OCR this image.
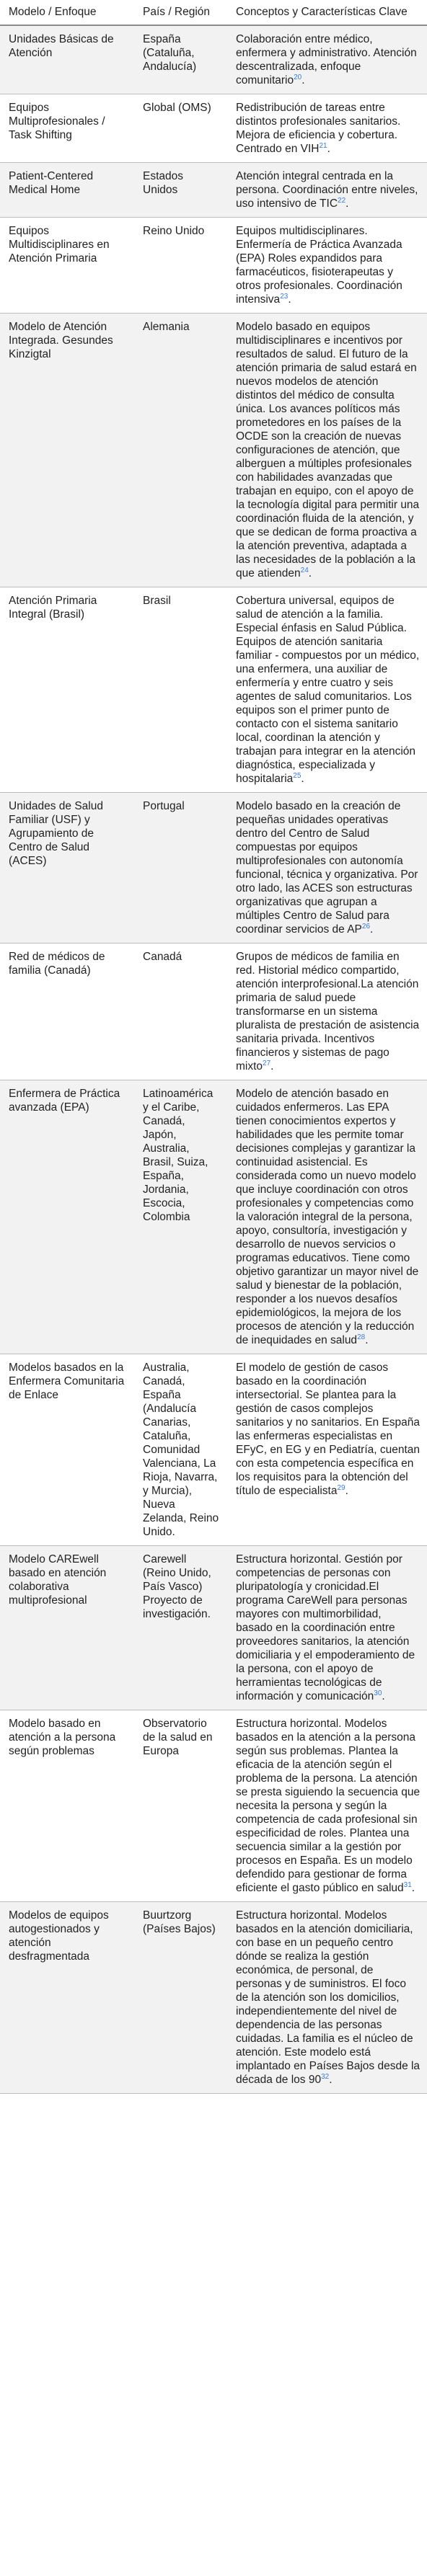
Modelo / Enfoque	País / Región	Conceptos y Características Clave
Unidades Básicas de Atención	España (Cataluña, Andalucía)	Colaboración entre médico, enfermera y administrativo. Atención descentralizada, enfoque comunitario$^{20}$.
Equipos Multiprofesionales / Task Shifting	Global (OMS)	Redistribución de tareas entre distintos profesionales sanitarios. Mejora de eficiencia y cobertura. Centrado en VIH$^{21}$.
Patient-Centered Medical Home	Estados Unidos	Atención integral centrada en la persona. Coordinación entre niveles, uso intensivo de TIC$^{22}$.
Equipos Multidisciplinares en Atención Primaria	Reino Unido	Equipos multidisciplinares. Enfermería de Práctica Avanzada (EPA) Roles expandidos para farmacéuticos, fisioterapeutas y otros profesionales. Coordinación intensiva$^{23}$.
Modelo de Atención Integrada. Gesundes Kinzigtal	Alemania	Modelo basado en equipos multidisciplinares e incentivos por resultados de salud. El futuro de la atención primaria de salud estará en nuevos modelos de atención distintos del médico de consulta única. Los avances políticos más prometedores en los países de la OCDE son la creación de nuevas configuraciones de atención, que alberguen a múltiples profesionales con habilidades avanzadas que trabajan en equipo, con el apoyo de la tecnología digital para permitir una coordinación fluida de la atención, y que se dedican de forma proactiva a la atención preventiva, adaptada a las necesidades de la población a la que atienden$^{24}$.
Atención Primaria Integral (Brasil)	Brasil	Cobertura universal, equipos de salud de atención a la familia. Especial énfasis en Salud Pública. Equipos de atención sanitaria familiar - compuestos por un médico, una enfermera, una auxiliar de enfermería y entre cuatro y seis agentes de salud comunitarios. Los equipos son el primer punto de contacto con el sistema sanitario local, coordinan la atención y trabajan para integrar en la atención diagnóstica, especializada y hospitalaria$^{25}$.
Unidades de Salud Familiar (USF) y Agrupamiento de Centro de Salud (ACES)	Portugal	Modelo basado en la creación de pequeñas unidades operativas dentro del Centro de Salud compuestas por equipos multiprofesionales con autonomía funcional, técnica y organizativa. Por otro lado, las ACES son estructuras organizativas que agrupan a múltiples Centro de Salud para coordinar servicios de AP$^{26}$.
Red de médicos de familia (Canadá)	Canadá	Grupos de médicos de familia en red. Historial médico compartido, atención interprofesional.La atención primaria de salud puede transformarse en un sistema pluralista de prestación de asistencia sanitaria privada. Incentivos financieros y sistemas de pago mixto$^{27}$.
Enfermera de Práctica avanzada (EPA)	Latinoamérica y el Caribe, Canadá, Japón, Australia, Brasil, Suiza, España, Jordania, Escocia, Colombia	Modelo de atención basado en cuidados enfermeros. Las EPA tienen conocimientos expertos y habilidades que les permite tomar decisiones complejas y garantizar la continuidad asistencial. Es considerada como un nuevo modelo que incluye coordinación con otros profesionales y competencias como la valoración integral de la persona, apoyo, consultoría, investigación y desarrollo de nuevos servicios o programas educativos. Tiene como objetivo garantizar un mayor nivel de salud y bienestar de la población, responder a los nuevos desafíos epidemiológicos, la mejora de los procesos de atención y la reducción de inequidades en salud$^{28}$.
Modelos basados en la Enfermera Comunitaria de Enlace	Australia, Canadá, España (Andalucía Canarias, Cataluña, Comunidad Valenciana, La Rioja, Navarra, y Murcia), Nueva Zelanda, Reino Unido.	El modelo de gestión de casos basado en la coordinación intersectorial. Se plantea para la gestión de casos complejos sanitarios y no sanitarios. En España las enfermeras especialistas en EFyC, en EG y en Pediatría, cuentan con esta competencia específica en los requisitos para la obtención del título de especialista$^{29}$.
Modelo CAREwell basado en atención colaborativa multiprofesional	Carewell (Reino Unido, País Vasco) Proyecto de investigación.	Estructura horizontal. Gestión por competencias de personas con pluripatología y cronicidad.El programa CareWell para personas mayores con multimorbilidad, basado en la coordinación entre proveedores sanitarios, la atención domiciliaria y el empoderamiento de la persona, con el apoyo de herramientas tecnológicas de información y comunicación$^{30}$.
Modelo basado en atención a la persona según problemas	Observatorio de la salud en Europa	Estructura horizontal. Modelos basados en la atención a la persona según sus problemas. Plantea la eficacia de la atención según el problema de la persona. La atención se presta siguiendo la secuencia que necesita la persona y según la competencia de cada profesional sin especificidad de roles. Plantea una secuencia similar a la gestión por procesos en España. Es un modelo defendido para gestionar de forma eficiente el gasto público en salud$^{31}$.
Modelos de equipos autogestionados y atención desfragmentada	Buurtzorg (Países Bajos)	Estructura horizontal. Modelos basados en la atención domiciliaria, con base en un pequeño centro dónde se realiza la gestión económica, de personal, de personas y de suministros. El foco de la atención son los domicilios, independientemente del nivel de dependencia de las personas cuidadas. La familia es el núcleo de atención. Este modelo está implantado en Países Bajos desde la década de los 90$^{32}$.
